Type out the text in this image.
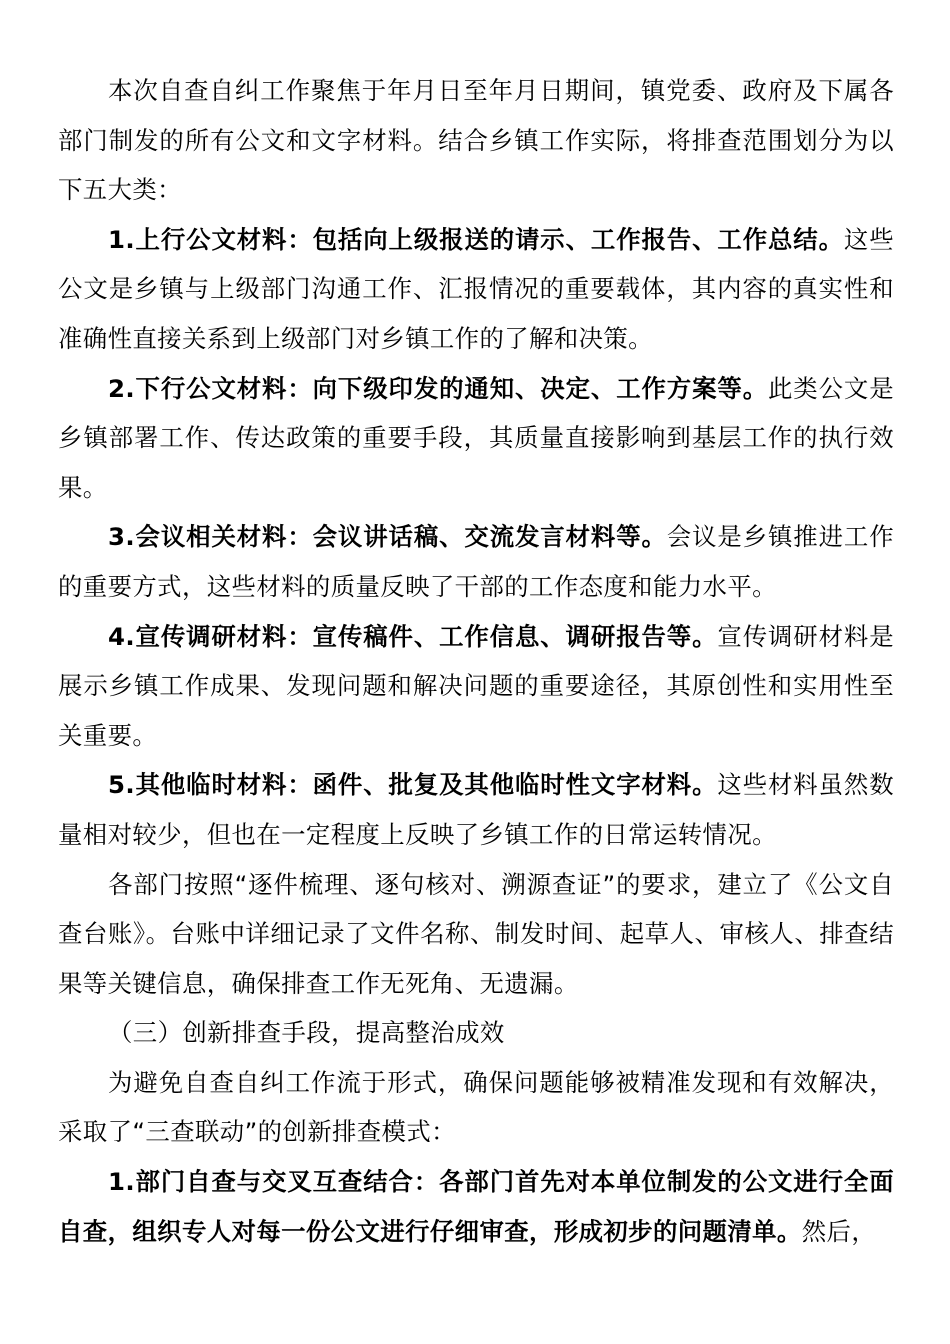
本次自查自纠工作聚焦于年月日至年月日期间，镇党委、政府及下属各部门制发的所有公文和文字材料。结合乡镇工作实际，将排查范围划分为以下五大类：

1.上行公文材料：包括向上级报送的请示、工作报告、工作总结。这些公文是乡镇与上级部门沟通工作、汇报情况的重要载体，其内容的真实性和准确性直接关系到上级部门对乡镇工作的了解和决策。

2.下行公文材料：向下级印发的通知、决定、工作方案等。此类公文是乡镇部署工作、传达政策的重要手段，其质量直接影响到基层工作的执行效果。

3.会议相关材料：会议讲话稿、交流发言材料等。会议是乡镇推进工作的重要方式，这些材料的质量反映了干部的工作态度和能力水平。

4.宣传调研材料：宣传稿件、工作信息、调研报告等。宣传调研材料是展示乡镇工作成果、发现问题和解决问题的重要途径，其原创性和实用性至关重要。

5.其他临时材料：函件、批复及其他临时性文字材料。这些材料虽然数量相对较少，但也在一定程度上反映了乡镇工作的日常运转情况。

各部门按照“逐件梳理、逐句核对、溯源查证”的要求，建立了《公文自查台账》。台账中详细记录了文件名称、制发时间、起草人、审核人、排查结果等关键信息，确保排查工作无死角、无遗漏。

（三）创新排查手段，提高整治成效

为避免自查自纠工作流于形式，确保问题能够被精准发现和有效解决，采取了“三查联动”的创新排查模式：

1.部门自查与交叉互查结合：各部门首先对本单位制发的公文进行全面自查，组织专人对每一份公文进行仔细审查，形成初步的问题清单。然后，
